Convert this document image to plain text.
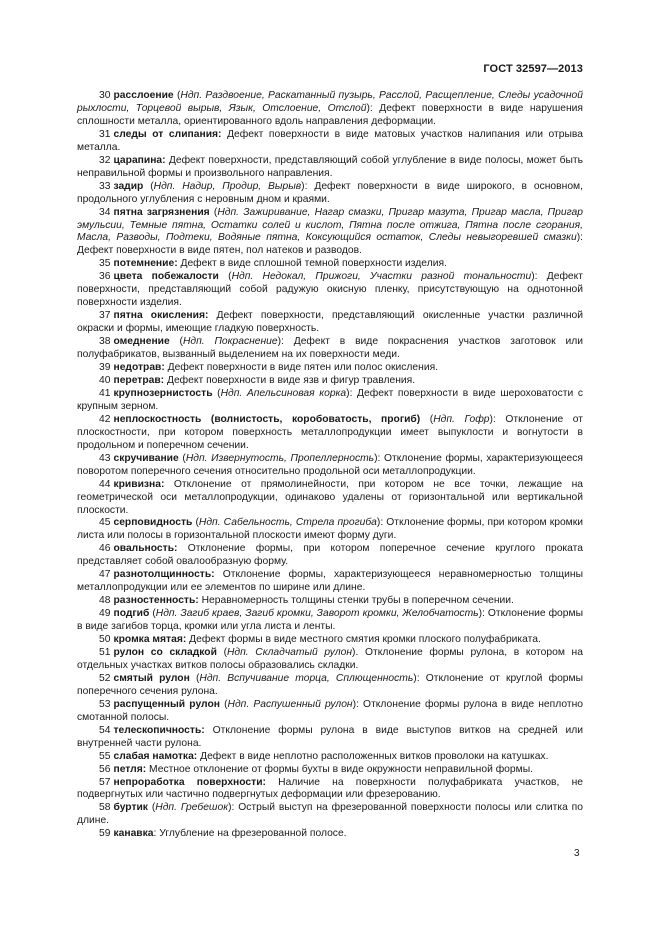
ГОСТ 32597—2013

30 расслоение (Ндп. Раздвоение, Раскатанный пузырь, Расслой, Расщепление, Следы усадочной рыхлости, Торцевой вырыв, Язык, Отслоение, Отслой): Дефект поверхности в виде нарушения сплошности металла, ориентированного вдоль направления деформации.

31 следы от слипания: Дефект поверхности в виде матовых участков налипания или отрыва металла.

32 царапина: Дефект поверхности, представляющий собой углубление в виде полосы, может быть неправильной формы и произвольного направления.

33 задир (Ндп. Надир, Продир, Вырыв): Дефект поверхности в виде широкого, в основном, продольного углубления с неровным дном и краями.

34 пятна загрязнения (Ндп. Зажиривание, Нагар смазки, Пригар мазута, Пригар масла, Пригар эмульсии, Темные пятна, Остатки солей и кислот, Пятна после отжига, Пятна после сгорания, Масла, Разводы, Подтеки, Водяные пятна, Коксующийся остаток, Следы невыгоревшей смазки): Дефект поверхности в виде пятен, пол натеков и разводов.

35 потемнение: Дефект в виде сплошной темной поверхности изделия.

36 цвета побежалости (Ндп. Недокал, Прижоги, Участки разной тональности): Дефект поверхности, представляющий собой радужую окисную пленку, присутствующую на однотонной поверхности изделия.

37 пятна окисления: Дефект поверхности, представляющий окисленные участки различной окраски и формы, имеющие гладкую поверхность.

38 омеднение (Ндп. Покраснение): Дефект в виде покраснения участков заготовок или полуфабрикатов, вызванный выделением на их поверхности меди.

39 недотрав: Дефект поверхности в виде пятен или полос окисления.

40 перетрав: Дефект поверхности в виде язв и фигур травления.

41 крупнозернистость (Ндп. Апельсиновая корка): Дефект поверхности в виде шероховатости с крупным зерном.

42 неплоскостность (волнистость, коробоватость, прогиб) (Ндп. Гофр): Отклонение от плоскостности, при котором поверхность металлопродукции имеет выпуклости и вогнутости в продольном и поперечном сечении.

43 скручивание (Ндп. Извернутость, Пропеллерность): Отклонение формы, характеризующееся поворотом поперечного сечения относительно продольной оси металлопродукции.

44 кривизна: Отклонение от прямолинейности, при котором не все точки, лежащие на геометрической оси металлопродукции, одинаково удалены от горизонтальной или вертикальной плоскости.

45 серповидность (Ндп. Сабельность, Стрела прогиба): Отклонение формы, при котором кромки листа или полосы в горизонтальной плоскости имеют форму дуги.

46 овальность: Отклонение формы, при котором поперечное сечение круглого проката представляет собой овалообразную форму.

47 разнотолщинность: Отклонение формы, характеризующееся неравномерностью толщины металлопродукции или ее элементов по ширине или длине.

48 разностенность: Неравномерность толщины стенки трубы в поперечном сечении.

49 подгиб (Ндп. Загиб краев, Загиб кромки, Заворот кромки, Желобчатость): Отклонение формы в виде загибов торца, кромки или угла листа и ленты.

50 кромка мятая: Дефект формы в виде местного смятия кромки плоского полуфабриката.

51 рулон со складкой (Ндп. Складчатый рулон). Отклонение формы рулона, в котором на отдельных участках витков полосы образовались складки.

52 смятый рулон (Ндп. Вспучивание торца, Сплющенность): Отклонение от круглой формы поперечного сечения рулона.

53 распущенный рулон (Ндп. Распушенный рулон): Отклонение формы рулона в виде неплотно смотанной полосы.

54 телескопичность: Отклонение формы рулона в виде выступов витков на средней или внутренней части рулона.

55 слабая намотка: Дефект в виде неплотно расположенных витков проволоки на катушках.

56 петля: Местное отклонение от формы бухты в виде окружности неправильной формы.

57 непроработка поверхности: Наличие на поверхности полуфабриката участков, не подвергнутых или частично подвергнутых деформации или фрезерованию.

58 буртик (Ндп. Гребешок): Острый выступ на фрезерованной поверхности полосы или слитка по длине.

59 канавка: Углубление на фрезерованной полосе.

3
